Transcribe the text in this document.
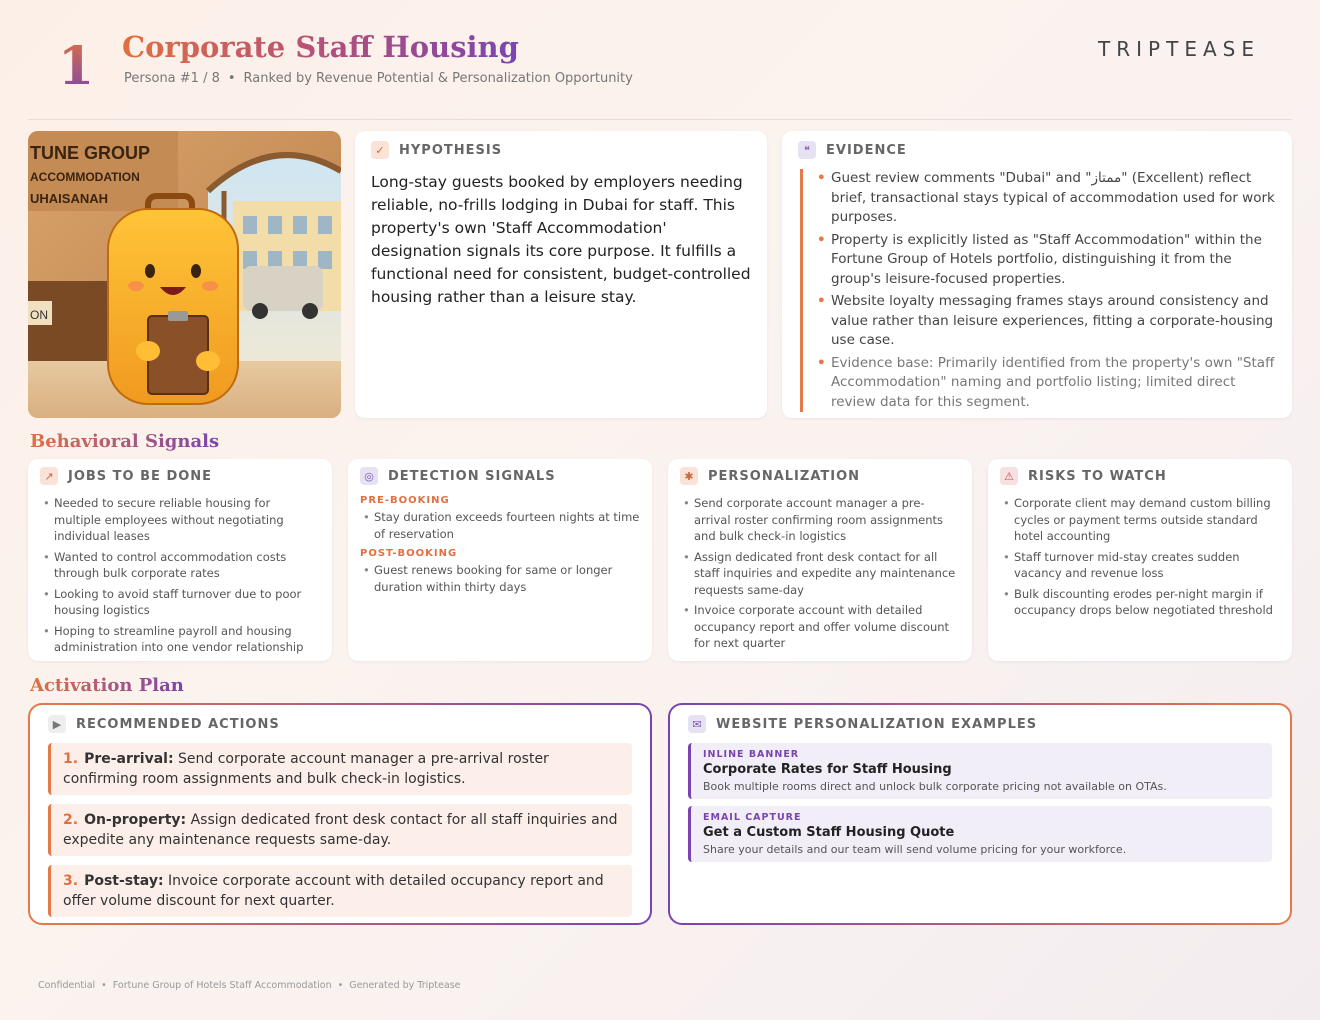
1 Corporate Staff Housing
Persona #1 / 8 • Ranked by Revenue Potential & Personalization Opportunity
TRIPTEASE
TUNE GROUP
ACCOMMODATION
UHAISANAH
ON
✓	HYPOTHESIS
Long-stay guests booked by employers needing reliable, no-frills lodging in Dubai for staff. This property's own 'Staff Accommodation' designation signals its core purpose. It fulfills a functional need for consistent, budget-controlled housing rather than a leisure stay.
❝	EVIDENCE
• Guest review comments "Dubai" and "ممتاز" (Excellent) reflect brief, transactional stays typical of accommodation used for work purposes.
• Property is explicitly listed as "Staff Accommodation" within the Fortune Group of Hotels portfolio, distinguishing it from the group's leisure-focused properties.
• Website loyalty messaging frames stays around consistency and value rather than leisure experiences, fitting a corporate-housing use case.
• Evidence base: Primarily identified from the property's own "Staff Accommodation" naming and portfolio listing; limited direct review data for this segment.
Behavioral Signals
↗	JOBS TO BE DONE
• Needed to secure reliable housing for multiple employees without negotiating individual leases
• Wanted to control accommodation costs through bulk corporate rates
• Looking to avoid staff turnover due to poor housing logistics
• Hoping to streamline payroll and housing administration into one vendor relationship
◎	DETECTION SIGNALS
PRE-BOOKING
• Stay duration exceeds fourteen nights at time of reservation
POST-BOOKING
• Guest renews booking for same or longer duration within thirty days
✱	PERSONALIZATION
• Send corporate account manager a pre-arrival roster confirming room assignments and bulk check-in logistics
• Assign dedicated front desk contact for all staff inquiries and expedite any maintenance requests same-day
• Invoice corporate account with detailed occupancy report and offer volume discount for next quarter
⚠	RISKS TO WATCH
• Corporate client may demand custom billing cycles or payment terms outside standard hotel accounting
• Staff turnover mid-stay creates sudden vacancy and revenue loss
• Bulk discounting erodes per-night margin if occupancy drops below negotiated threshold
Activation Plan
▶	RECOMMENDED ACTIONS
1. Pre-arrival: Send corporate account manager a pre-arrival roster confirming room assignments and bulk check-in logistics.
2. On-property: Assign dedicated front desk contact for all staff inquiries and expedite any maintenance requests same-day.
3. Post-stay: Invoice corporate account with detailed occupancy report and offer volume discount for next quarter.
✉	WEBSITE PERSONALIZATION EXAMPLES
INLINE BANNER
Corporate Rates for Staff Housing
Book multiple rooms direct and unlock bulk corporate pricing not available on OTAs.
EMAIL CAPTURE
Get a Custom Staff Housing Quote
Share your details and our team will send volume pricing for your workforce.
Confidential • Fortune Group of Hotels Staff Accommodation • Generated by Triptease
